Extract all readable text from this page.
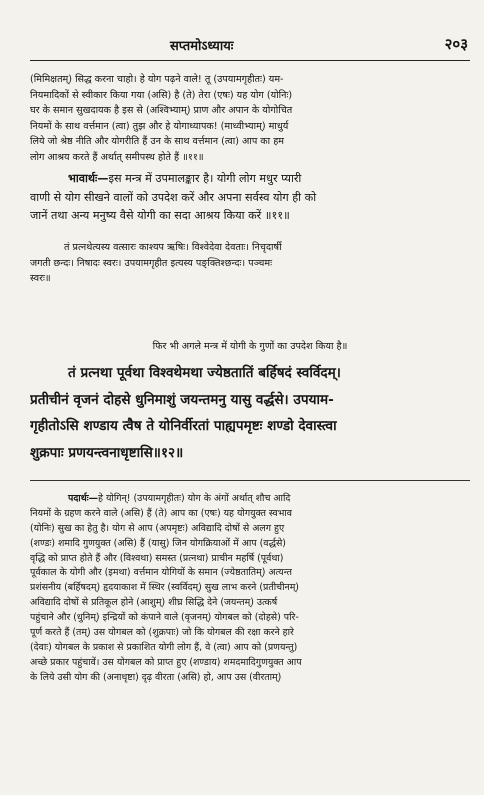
सप्तमोऽध्यायः	२०३
(मिमिक्षतम्) सिद्ध करना चाहो। हे योग पढ़ने वाले! तू (उपयामगृहीतः) यम-
नियमादिकों से स्वीकार किया गया (असि) है (ते) तेरा (एषः) यह योग (योनिः)
घर के समान सुखदायक है इस से (अश्विभ्याम्) प्राण और अपान के योगोचित
नियमों के साथ वर्त्तमान (त्वा) तुझ और हे योगाध्यापक! (माध्वीभ्याम्) माधुर्य
लिये जो श्रेष्ठ नीति और योगरीति हैं उन के साथ वर्त्तमान (त्वा) आप का हम
लोग आश्रय करते हैं अर्थात् समीपस्थ होते हैं ॥११॥
भावार्थः—इस मन्त्र में उपमालङ्कार है। योगी लोग मधुर प्यारी
वाणी से योग सीखने वालों को उपदेश करें और अपना सर्वस्व योग ही को
जानें तथा अन्य मनुष्य वैसे योगी का सदा आश्रय किया करें ॥११॥
तं प्रत्नथेत्यस्य वत्सारः काश्यप ऋषिः। विश्वेदेवा देवताः। निचृदार्षी
जगती छन्दः। निषादः स्वरः। उपयामगृहीत इत्यस्य पङ्क्तिश्छन्दः। पञ्चमः
स्वरः॥
फिर भी अगले मन्त्र में योगी के गुणों का उपदेश किया है॥
तं प्रत्नथा पूर्वथा विश्वथेमथा ज्येष्ठतातिं बर्हिषदं स्वर्विदम्।
प्रतीचीनं वृजनं दोहसे धुनिमाशुं जयन्तमनु यासु वर्द्धसे। उपयाम-
गृहीतोऽसि शण्डाय त्वैष ते योनिर्वीरतां पाह्यपमृष्टः शण्डो देवास्त्वा
शुक्रपाः प्रणयन्त्वनाधृष्टासि॥१२॥
पदार्थः—हे योगिन्! (उपयामगृहीतः) योग के अंगों अर्थात् शौच आदि
नियमों के ग्रहण करने वाले (असि) हैं (ते) आप का (एषः) यह योगयुक्त स्वभाव
(योनिः) सुख का हेतु है। योग से आप (अपमृष्टः) अविद्यादि दोषों से अलग हुए
(शण्डः) शमादि गुणयुक्त (असि) हैं (यासु) जिन योगक्रियाओं में आप (वर्द्धसे)
वृद्धि को प्राप्त होते हैं और (विश्वथा) समस्त (प्रत्नथा) प्राचीन महर्षि (पूर्वथा)
पूर्वकाल के योगी और (इमथा) वर्त्तमान योगियों के समान (ज्येष्ठतातिम्) अत्यन्त
प्रशंसनीय (बर्हिषदम्) हृदयाकाश में स्थिर (स्वर्विदम्) सुख लाभ करने (प्रतीचीनम्)
अविद्यादि दोषों से प्रतिकूल होने (आशुम्) शीघ्र सिद्धि देने (जयन्तम्) उत्कर्ष
पहुंचाने और (धुनिम्) इन्द्रियों को कंपाने वाले (वृजनम्) योगबल को (दोहसे) परि-
पूर्ण करते हैं (तम्) उस योगबल को (शुक्रपाः) जो कि योगबल की रक्षा करने हारे
(देवाः) योगबल के प्रकाश से प्रकाशित योगी लोग हैं, वे (त्वा) आप को (प्रणयन्तु)
अच्छे प्रकार पहुंचावें। उस योगबल को प्राप्त हुए (शण्डाय) शमदमादिगुणयुक्त आप
के लिये उसी योग की (अनाधृष्टा) दृढ़ वीरता (असि) हो, आप उस (वीरताम्)
